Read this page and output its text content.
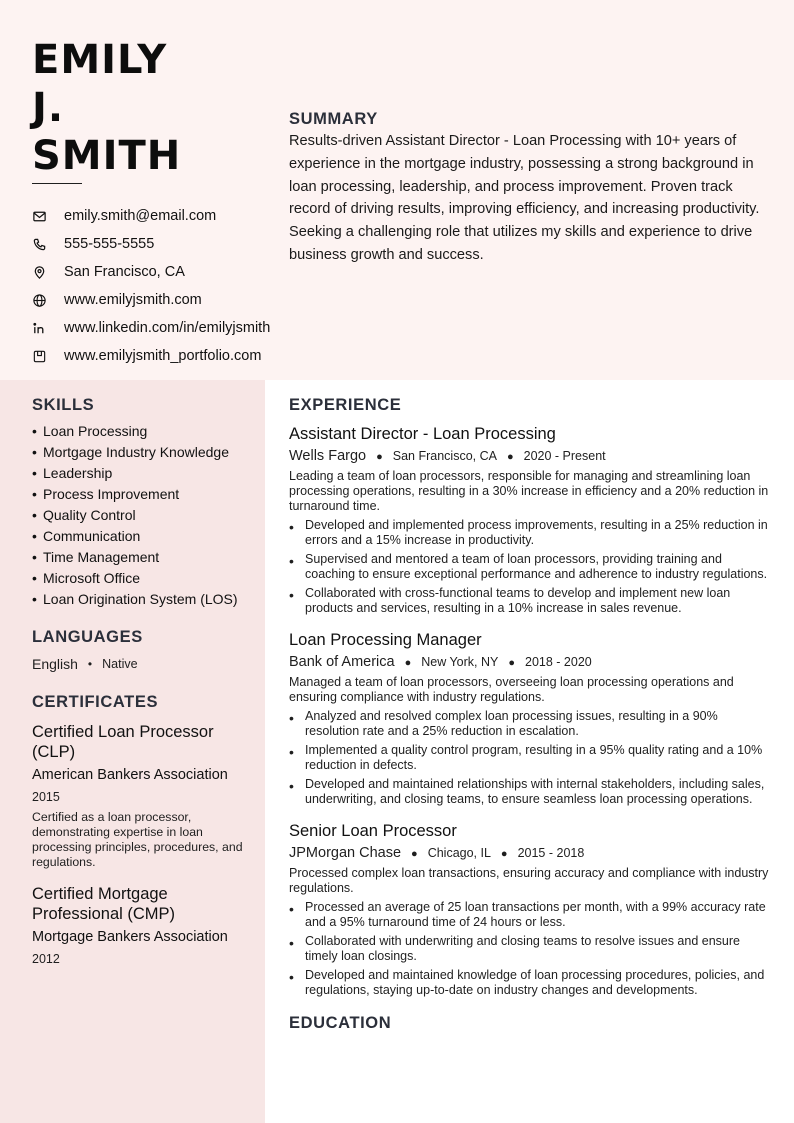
EMILY
J.
SMITH
emily.smith@email.com
555-555-5555
San Francisco, CA
www.emilyjsmith.com
www.linkedin.com/in/emilyjsmith
www.emilyjsmith_portfolio.com
SUMMARY

Results-driven Assistant Director - Loan Processing with 10+ years of experience in the mortgage industry, possessing a strong background in loan processing, leadership, and process improvement. Proven track record of driving results, improving efficiency, and increasing productivity. Seeking a challenging role that utilizes my skills and experience to drive business growth and success.

SKILLS
• Loan Processing
• Mortgage Industry Knowledge
• Leadership
• Process Improvement
• Quality Control
• Communication
• Time Management
• Microsoft Office
• Loan Origination System (LOS)
LANGUAGES
English • Native
CERTIFICATES
Certified Loan Processor (CLP)
American Bankers Association
2015
Certified as a loan processor, demonstrating expertise in loan processing principles, procedures, and regulations.
Certified Mortgage Professional (CMP)
Mortgage Bankers Association
2012
EXPERIENCE
Assistant Director - Loan Processing
Wells Fargo ● San Francisco, CA ● 2020 - Present
Leading a team of loan processors, responsible for managing and streamlining loan processing operations, resulting in a 30% increase in efficiency and a 20% reduction in turnaround time.
• Developed and implemented process improvements, resulting in a 25% reduction in errors and a 15% increase in productivity.
• Supervised and mentored a team of loan processors, providing training and coaching to ensure exceptional performance and adherence to industry regulations.
• Collaborated with cross-functional teams to develop and implement new loan products and services, resulting in a 10% increase in sales revenue.
Loan Processing Manager
Bank of America ● New York, NY ● 2018 - 2020
Managed a team of loan processors, overseeing loan processing operations and ensuring compliance with industry regulations.
• Analyzed and resolved complex loan processing issues, resulting in a 90% resolution rate and a 25% reduction in escalation.
• Implemented a quality control program, resulting in a 95% quality rating and a 10% reduction in defects.
• Developed and maintained relationships with internal stakeholders, including sales, underwriting, and closing teams, to ensure seamless loan processing operations.
Senior Loan Processor
JPMorgan Chase ● Chicago, IL ● 2015 - 2018
Processed complex loan transactions, ensuring accuracy and compliance with industry regulations.
• Processed an average of 25 loan transactions per month, with a 99% accuracy rate and a 95% turnaround time of 24 hours or less.
• Collaborated with underwriting and closing teams to resolve issues and ensure timely loan closings.
• Developed and maintained knowledge of loan processing procedures, policies, and regulations, staying up-to-date on industry changes and developments.
EDUCATION
